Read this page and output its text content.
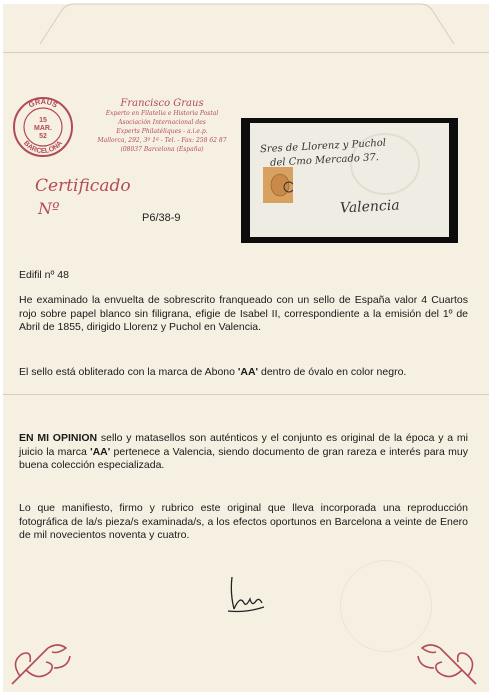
GRAUS
BARCELONA
15
MAR.
52
Francisco Graus
Experto en Filatelia e Historia Postal
Asociación Internacional des
Experts Philatéliques - a.i.e.p.
Mallorca, 292, 3º 1ª - Tel. - Fax: 258 62 87
(08037 Barcelona (España)
Certificado
Nº	P6/38-9
Sres de Llorenz y Puchol
del Cmo Mercado 37.
Valencia
Edifil nº 48

He examinado la envuelta de sobrescrito franqueado con un sello de España valor 4 Cuartos rojo sobre papel blanco sin filigrana, efigie de Isabel II, correspondiente a la emisión del 1º de Abril de 1855, dirigido Llorenz y Puchol en Valencia.

El sello está obliterado con la marca de Abono 'AA' dentro de óvalo en color negro.

EN MI OPINION sello y matasellos son auténticos y el conjunto es original de la época y a mi juicio la marca 'AA' pertenece a Valencia, siendo documento de gran rareza e interés para muy buena colección especializada.

Lo que manifiesto, firmo y rubrico este original que lleva incorporada una reproducción fotográfica de la/s pieza/s examinada/s, a los efectos oportunos en Barcelona a veinte de Enero de mil novecientos noventa y cuatro.
